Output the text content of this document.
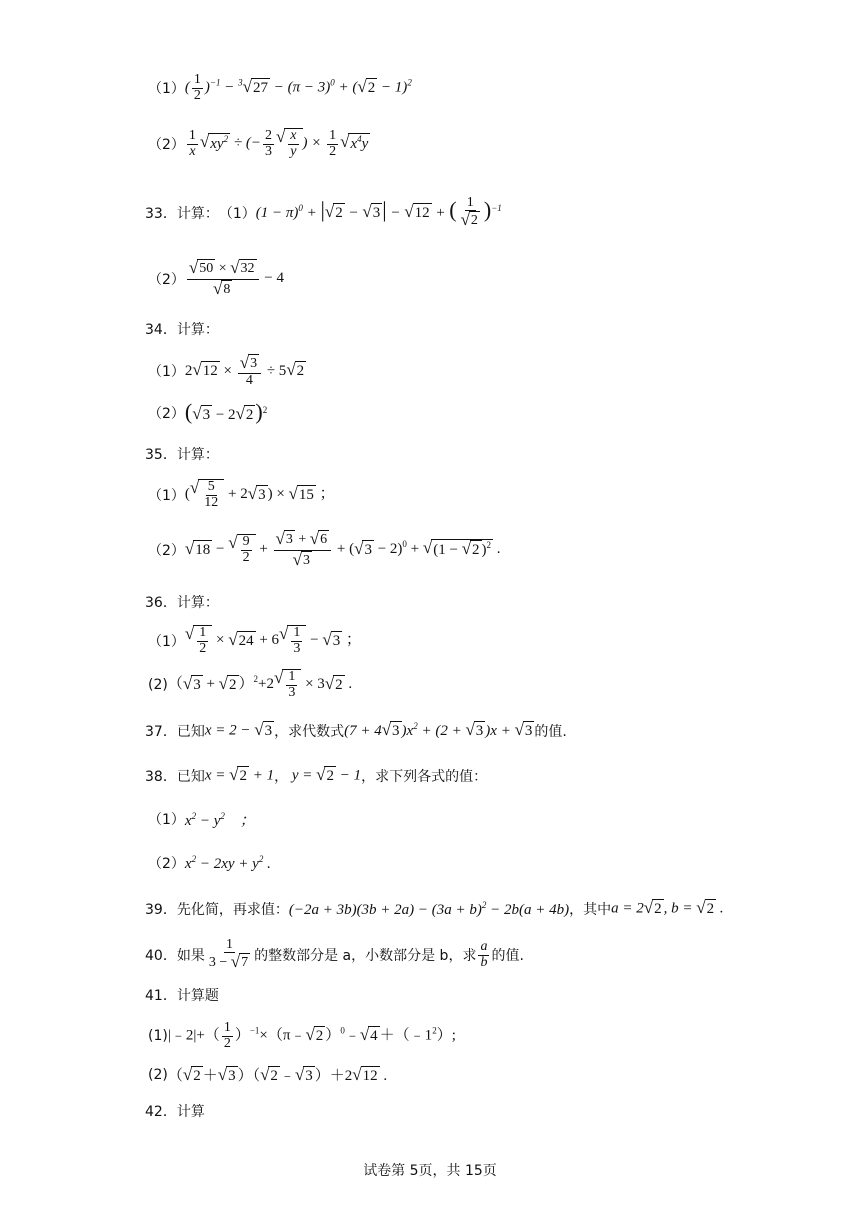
（1） ( $\frac{1}{2} )^{-1} - ^3$ √ $27 - (\pi - 3)^0$ + ( √ 2 − 1)$^2$
$(2) \frac{1}{x}$ √ $xy^2$ ÷ (− $\frac{2}{3}$ √ $\frac{x}{y}$ ) × $\frac{1}{2}$ √ $x^4y$
33． 计算： （1） $(1 - \pi)^0$ + | √ 2 − √ 3 | − √ 12 + ( $\frac{1}{√ 2} )^{-1}$
$(2) \frac{√ 50 \times √ 32}{√ 8} - 4$
34． 计算：
（1） 2 √ $12 \times \frac{√ 3}{4} \div 5$ √ 2
（2） ( √ 3 − 2 √ 2 )$^2$
35． 计算：
（1） ( √ $\frac{5}{12} + 2$ √ 3 ) × √ 15 ；
（2） √ 18 − √ $\frac{9}{2} + \frac{√ 3 + √ 6}{√ 3}$ + ( √ 3 − 2)$^0$ + √ (1 − √ 2 )$^2$ .
36． 计算：
（1） √ $\frac{1}{2}$ × √ 24 + 6 √ $\frac{1}{3}$ − √ 3 ；
(2) （ √ 3 + √ 2 ）$^2$+2 √ $\frac{1}{3} \times 3$ √ 2 .
37． 已知 x = 2 − √ 3 ，求代数式 (7 + 4 √ 3 )$x^2 + (2$ + √ 3 )x + √ 3 的值.
38． 已知 x = √ 2 + 1 ， y = √ 2 − 1 ，求下列各式的值：
（1） $x^2 - y^2$    ；
（2） $x^2 - 2xy + y^2$ .
39． 先化简，再求值： $(-2a + 3b)(3b + 2a) - (3a + b)^2 - 2b(a + 4b)$ ，其中 a = 2 √ 2 , b = √ 2 .
40． 如果 $\frac{1}{3 - √ 7}$ 的整数部分是 a，小数部分是 b，求 $\frac{a}{b}$ 的值.
41． 计算题
(1) |﹣2|+（ $\frac{1}{2}$ ）$^{-1}$×（π﹣ √ 2 ）$^0$﹣ √ $4 +(﹣1^2)$;
(2) （ √ 2 ＋ √ 3 ）（ √ 2 ﹣ √ 3 ）＋2 √ 12 .
42． 计算
试卷第 5页，共 15页
